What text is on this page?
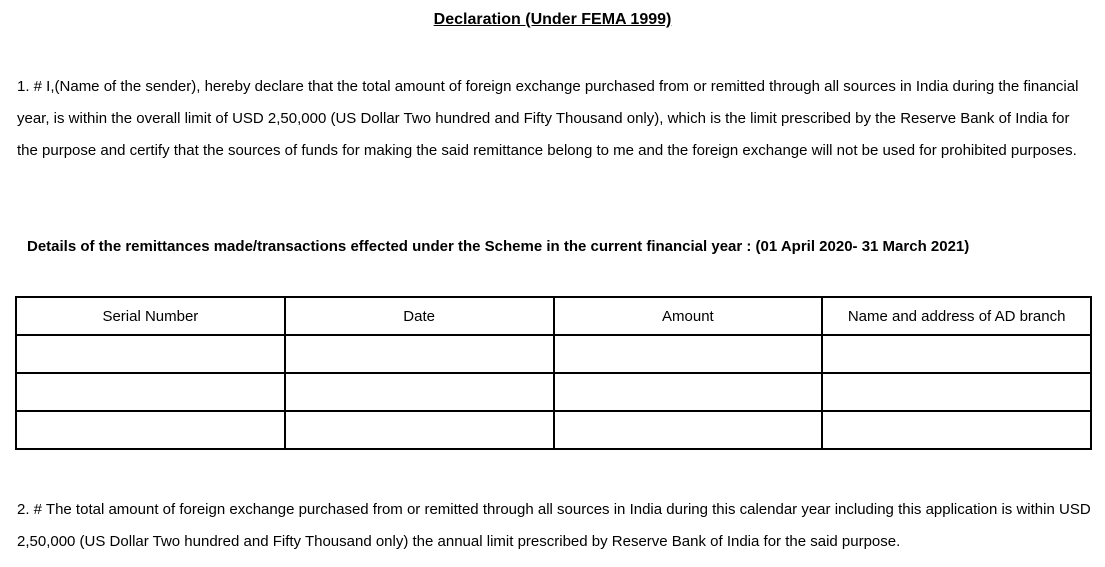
Declaration (Under FEMA 1999)

1. # I,(Name of the sender), hereby declare that the total amount of foreign exchange purchased from or remitted through all sources in India during the financial year, is within the overall limit of USD 2,50,000 (US Dollar Two hundred and Fifty Thousand only), which is the limit prescribed by the Reserve Bank of India for the purpose and certify that the sources of funds for making the said remittance belong to me and the foreign exchange will not be used for prohibited purposes.

Details of the remittances made/transactions effected under the Scheme in the current financial year : (01 April 2020- 31 March 2021)
Serial Number	Date	Amount	Name and address of AD branch

2. # The total amount of foreign exchange purchased from or remitted through all sources in India during this calendar year including this application is within USD 2,50,000 (US Dollar Two hundred and Fifty Thousand only) the annual limit prescribed by Reserve Bank of India for the said purpose.
